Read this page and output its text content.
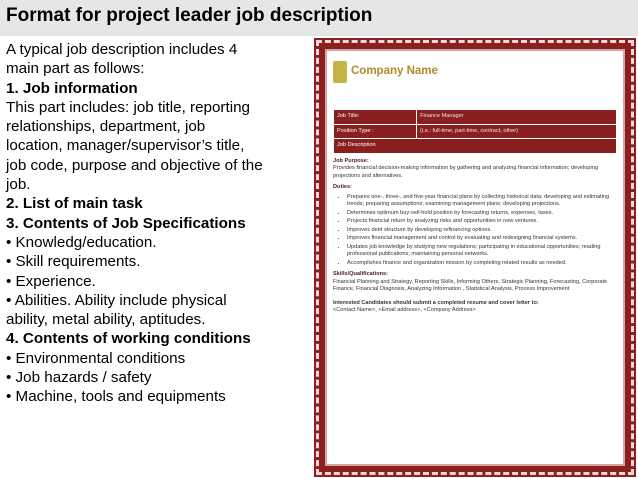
Format for project leader job description
A typical job description includes 4
main part as follows:
1. Job information
This part includes: job title, reporting
relationships, department, job
location, manager/supervisor’s title,
job code, purpose and objective of the
job.
2. List of main task
3. Contents of Job Specifications
• Knowledg/education.
• Skill requirements.
• Experience.
• Abilities. Ability include physical
ability, metal ability, aptitudes.
4. Contents of working conditions
• Environmental conditions
• Job hazards / safety
• Machine, tools and equipments
Company Name
Job Title:	Finance Manager
Position Type :	(i.e.: full-time, part-time, contract, other)
Job Description	
Job Purpose:
Provides financial decision-making information by gathering and analyzing financial information; developing projections and alternatives.
Duties:
• Prepares one-, three-, and five-year financial plans by collecting historical data; developing and estimating trends; preparing assumptions; examining management plans; developing projections.
• Determines optimum buy-sell-hold position by forecasting returns, expenses, taxes.
• Projects financial return by analyzing risks and opportunities in new ventures.
• Improves debt structure by developing refinancing options.
• Improves financial management and control by evaluating and redesigning financial systems.
• Updates job knowledge by studying new regulations; participating in educational opportunities; reading professional publications; maintaining personal networks.
• Accomplishes finance and organization mission by completing related results as needed.
Skills/Qualifications:
Financial Planning and Strategy, Reporting Skills, Informing Others, Strategic Planning, Forecasting, Corporate Finance, Financial Diagnosis, Analyzing Information , Statistical Analysis, Process Improvement
Interested Candidates should submit a completed resume and cover letter to:
<Contact Name>, <Email address>, <Company Address>
